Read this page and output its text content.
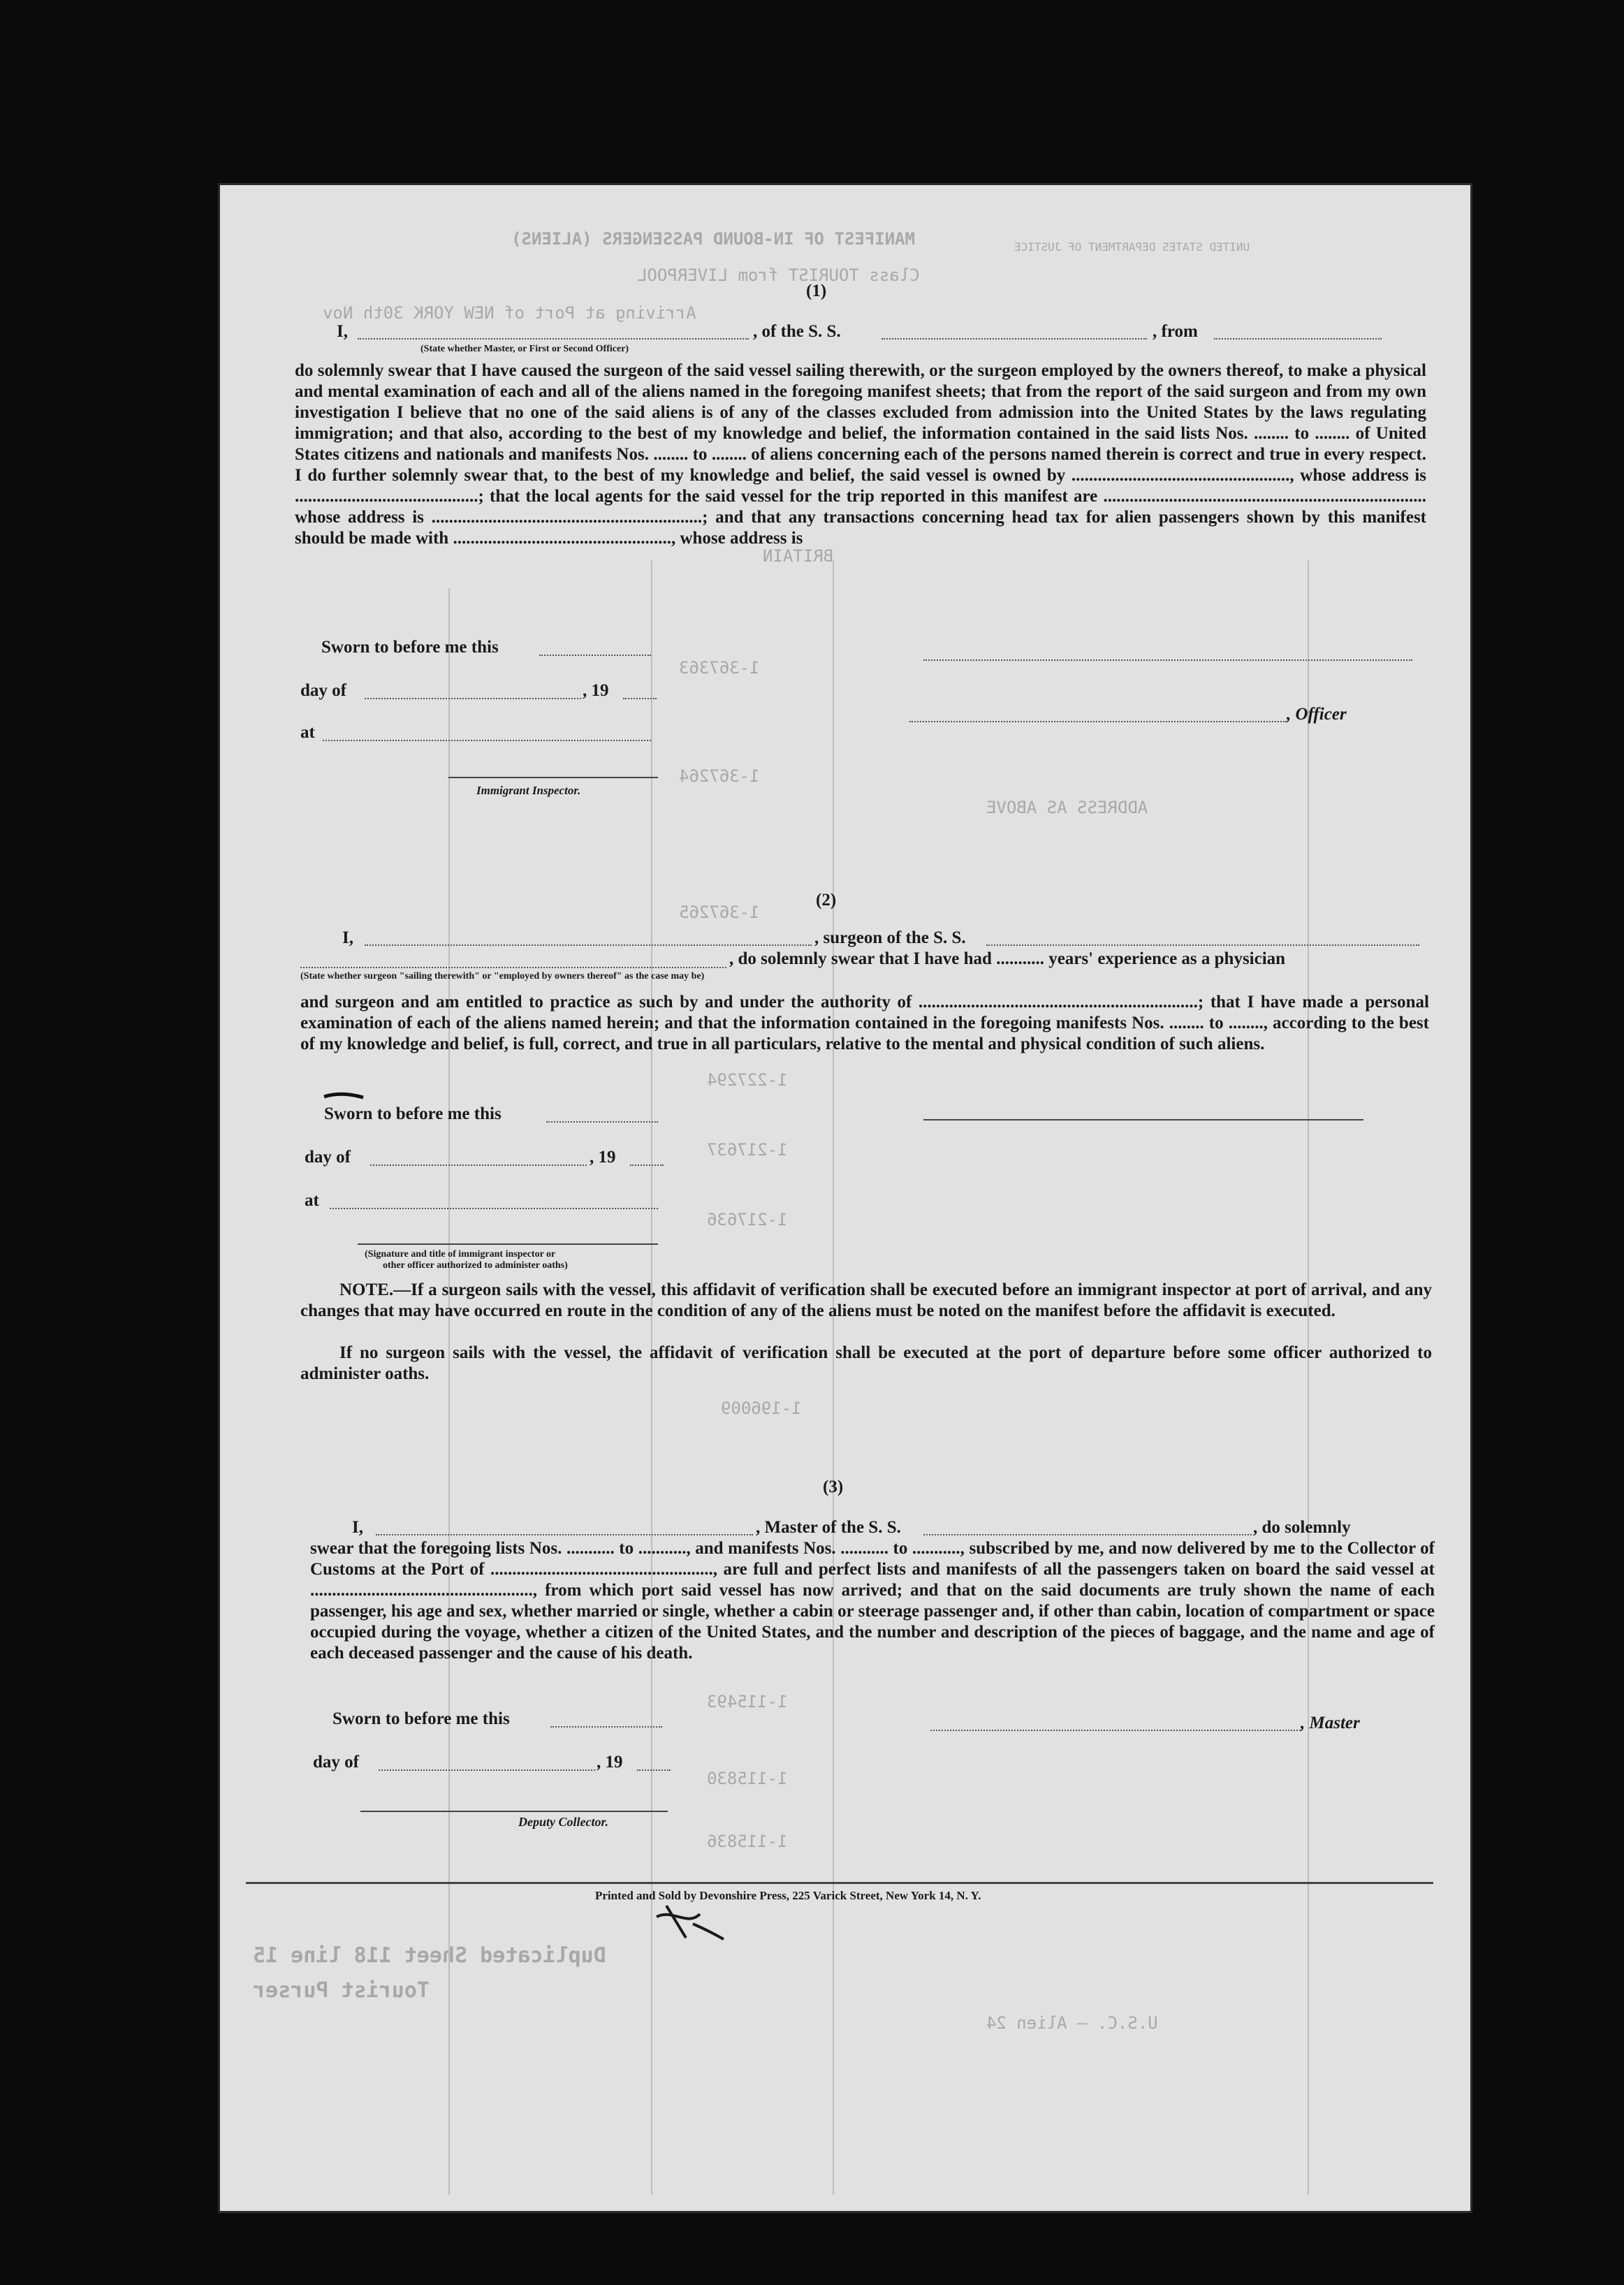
MANIFEST OF IN-BOUND PASSENGERS (ALIENS)
Class TOURIST from LIVERPOOL
Arriving at Port of NEW YORK 30th Nov
UNITED STATES DEPARTMENT OF JUSTICE
1-367363
1-367264
1-367265
1-227294
1-217637
1-217636
1-196009
1-115493
1-115830
1-115836
BRITAIN
ADDRESS AS ABOVE
Duplicated Sheet 118 line 15
Tourist Purser
U.S.C. — Alien 24
(1)
I,	, of the S. S.	, from
(State whether Master, or First or Second Officer)
do solemnly swear that I have caused the surgeon of the said vessel sailing therewith, or the surgeon employed by the owners thereof, to make a physical and mental examination of each and all of the aliens named in the foregoing manifest sheets; that from the report of the said surgeon and from my own investigation I believe that no one of the said aliens is of any of the classes excluded from admission into the United States by the laws regulating immigration; and that also, according to the best of my knowledge and belief, the information contained in the said lists Nos. ........ to ........ of United States citizens and nationals and manifests Nos. ........ to ........ of aliens concerning each of the persons named therein is correct and true in every respect. I do further solemnly swear that, to the best of my knowledge and belief, the said vessel is owned by .................................................., whose address is ..........................................; that the local agents for the said vessel for the trip reported in this manifest are .......................................................................... whose address is ..............................................................; and that any transactions concerning head tax for alien passengers shown by this manifest should be made with .................................................., whose address is
Sworn to before me this
day of	, 19
at
Immigrant Inspector.
, Officer
(2)
I,	, surgeon of the S. S.
, do solemnly swear that I have had ........... years' experience as a physician
(State whether surgeon "sailing therewith" or "employed by owners thereof" as the case may be)
and surgeon and am entitled to practice as such by and under the authority of ................................................................; that I have made a personal examination of each of the aliens named herein; and that the information contained in the foregoing manifests Nos. ........ to ........, according to the best of my knowledge and belief, is full, correct, and true in all particulars, relative to the mental and physical condition of such aliens.
Sworn to before me this
day of	, 19
at
(Signature and title of immigrant inspector or
other officer authorized to administer oaths)
NOTE.—If a surgeon sails with the vessel, this affidavit of verification shall be executed before an immigrant inspector at port of arrival, and any changes that may have occurred en route in the condition of any of the aliens must be noted on the manifest before the affidavit is executed.
If no surgeon sails with the vessel, the affidavit of verification shall be executed at the port of departure before some officer authorized to administer oaths.
(3)
I,	, Master of the S. S.	, do solemnly
swear that the foregoing lists Nos. ........... to ..........., and manifests Nos. ........... to ..........., subscribed by me, and now delivered by me to the Collector of Customs at the Port of ..................................................., are full and perfect lists and manifests of all the passengers taken on board the said vessel at ..................................................., from which port said vessel has now arrived; and that on the said documents are truly shown the name of each passenger, his age and sex, whether married or single, whether a cabin or steerage passenger and, if other than cabin, location of compartment or space occupied during the voyage, whether a citizen of the United States, and the number and description of the pieces of baggage, and the name and age of each deceased passenger and the cause of his death.
Sworn to before me this
day of	, 19
Deputy Collector.
, Master
Printed and Sold by Devonshire Press, 225 Varick Street, New York 14, N. Y.
